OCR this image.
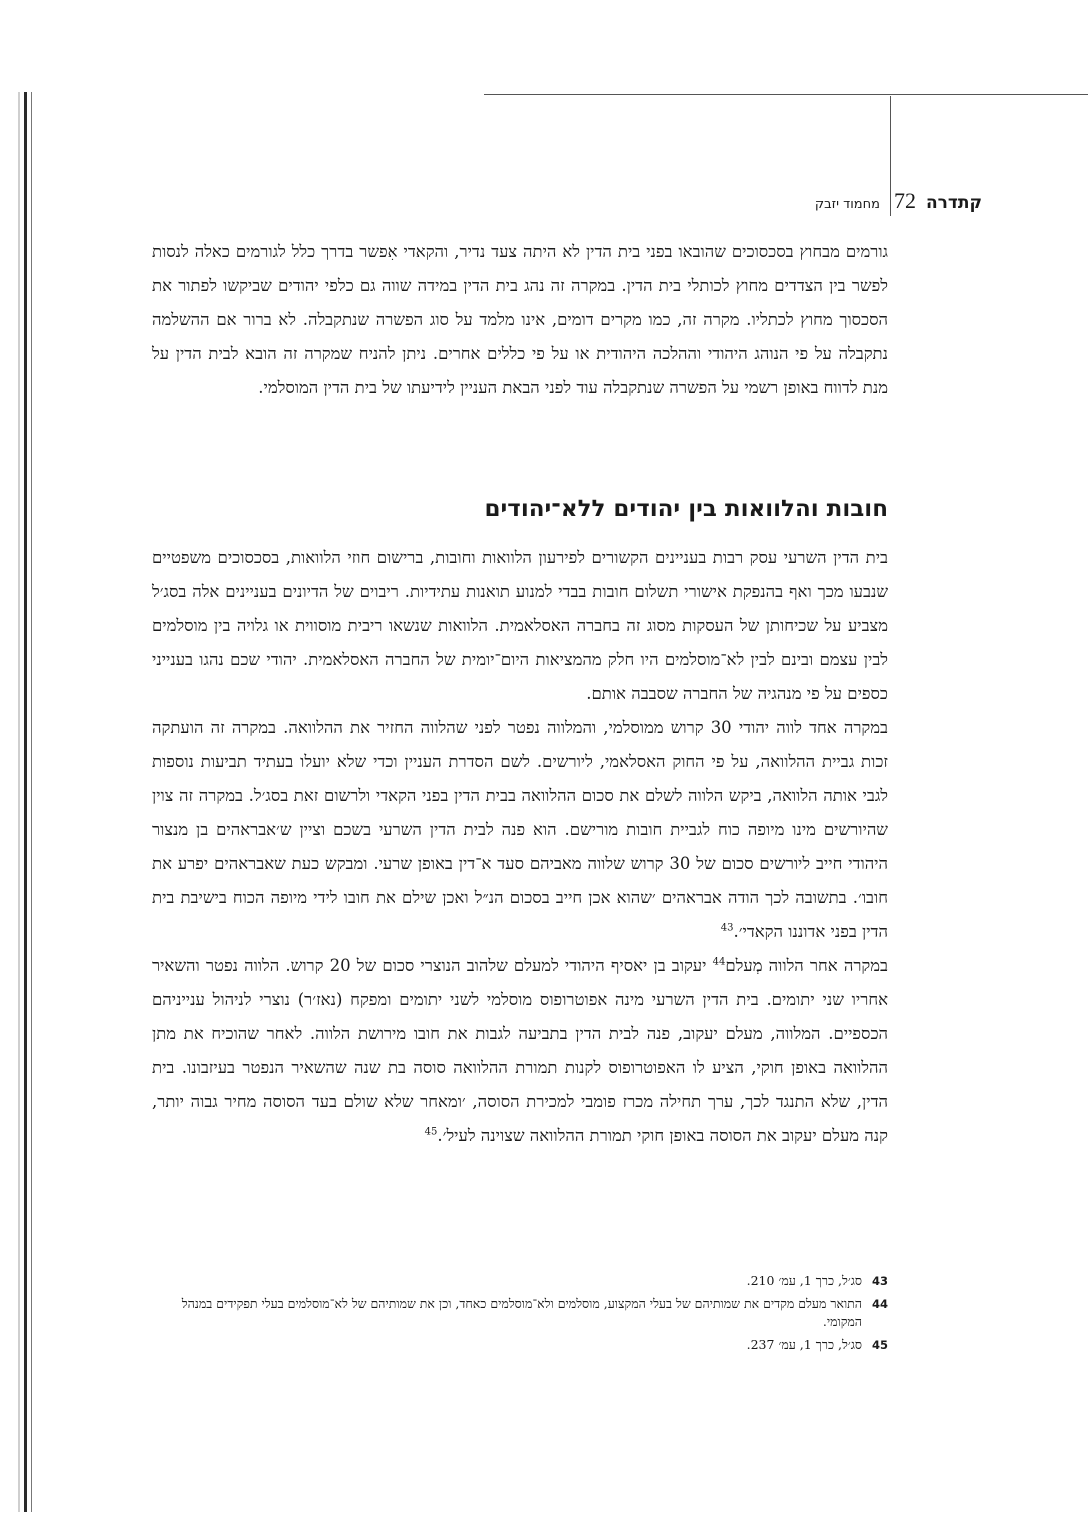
קתדרה
72
מחמוד יזבק

גורמים מבחוץ בסכסוכים שהובאו בפני בית הדין לא היתה צעד נדיר, והקאדי אִפשר בדרך כלל לגורמים כאלה לנסות לפשר בין הצדדים מחוץ לכותלי בית הדין. במקרה זה נהג בית הדין במידה שווה גם כלפי יהודים שביקשו לפתור את הסכסוך מחוץ לכתליו. מקרה זה, כמו מקרים דומים, אינו מלמד על סוג הפשרה שנתקבלה. לא ברור אם ההשלמה נתקבלה על פי הנוהג היהודי וההלכה היהודית או על פי כללים אחרים. ניתן להניח שמקרה זה הובא לבית הדין על מנת לדווח באופן רשמי על הפשרה שנתקבלה עוד לפני הבאת העניין לידיעתו של בית הדין המוסלמי.

חובות והלוואות בין יהודים ללא־יהודים

בית הדין השרעי עסק רבות בעניינים הקשורים לפירעון הלוואות וחובות, ברישום חוזי הלוואות, בסכסוכים משפטיים שנבעו מכך ואף בהנפקת אישורי תשלום חובות בבדי למנוע תואנות עתידיות. ריבוים של הדיונים בעניינים אלה בסג׳ל מצביע על שכיחותן של העסקות מסוג זה בחברה האסלאמית. הלוואות שנשאו ריבית מוסווית או גלויה בין מוסלמים לבין עצמם ובינם לבין לא־מוסלמים היו חלק מהמציאות היום־יומית של החברה האסלאמית. יהודי שכם נהגו בענייני כספים על פי מנהגיה של החברה שסבבה אותם.

במקרה אחד לווה יהודי 30 קרוש ממוסלמי, והמלווה נפטר לפני שהלווה החזיר את ההלוואה. במקרה זה הועתקה זכות גביית ההלוואה, על פי החוק האסלאמי, ליורשים. לשם הסדרת העניין וכדי שלא יועלו בעתיד תביעות נוספות לגבי אותה הלוואה, ביקש הלווה לשלם את סכום ההלוואה בבית הדין בפני הקאדי ולרשום זאת בסג׳ל. במקרה זה צוין שהיורשים מינו מיופה כוח לגביית חובות מורישם. הוא פנה לבית הדין השרעי בשכם וציין ש׳אבראהים בן מנצור היהודי חייב ליורשים סכום של 30 קרוש שלווה מאביהם סעד א־דין באופן שרעי. ומבקש כעת שאבראהים יפרע את חובו׳. בתשובה לכך הודה אבראהים ׳שהוא אכן חייב בסכום הנ״ל ואכן שילם את חובו לידי מיופה הכוח בישיבת בית הדין בפני אדוננו הקאדי׳.$^{43}$

במקרה אחר הלווה מְעלם$^{44}$ יעקוב בן יאסיף היהודי למעלם שלהוב הנוצרי סכום של 20 קרוש. הלווה נפטר והשאיר אחריו שני יתומים. בית הדין השרעי מינה אפוטרופוס מוסלמי לשני יתומים ומפקח (נאז׳ר) נוצרי לניהול ענייניהם הכספיים. המלווה, מעלם יעקוב, פנה לבית הדין בתביעה לגבות את חובו מירושת הלווה. לאחר שהוכיח את מתן ההלוואה באופן חוקי, הציע לו האפוטרופוס לקנות תמורת ההלוואה סוסה בת שנה שהשאיר הנפטר בעיזבונו. בית הדין, שלא התנגד לכך, ערך תחילה מכרז פומבי למכירת הסוסה, ׳ומאחר שלא שולם בעד הסוסה מחיר גבוה יותר, קנה מעלם יעקוב את הסוסה באופן חוקי תמורת ההלוואה שצוינה לעיל׳.$^{45}$

43
סג׳ל, כרך 1, עמ׳ 210.
44
התואר מעלם מקדים את שמותיהם של בעלי המקצוע, מוסלמים ולא־מוסלמים כאחד, וכן את שמותיהם של לא־מוסלמים בעלי תפקידים במנהל המקומי.
45
סג׳ל, כרך 1, עמ׳ 237.
